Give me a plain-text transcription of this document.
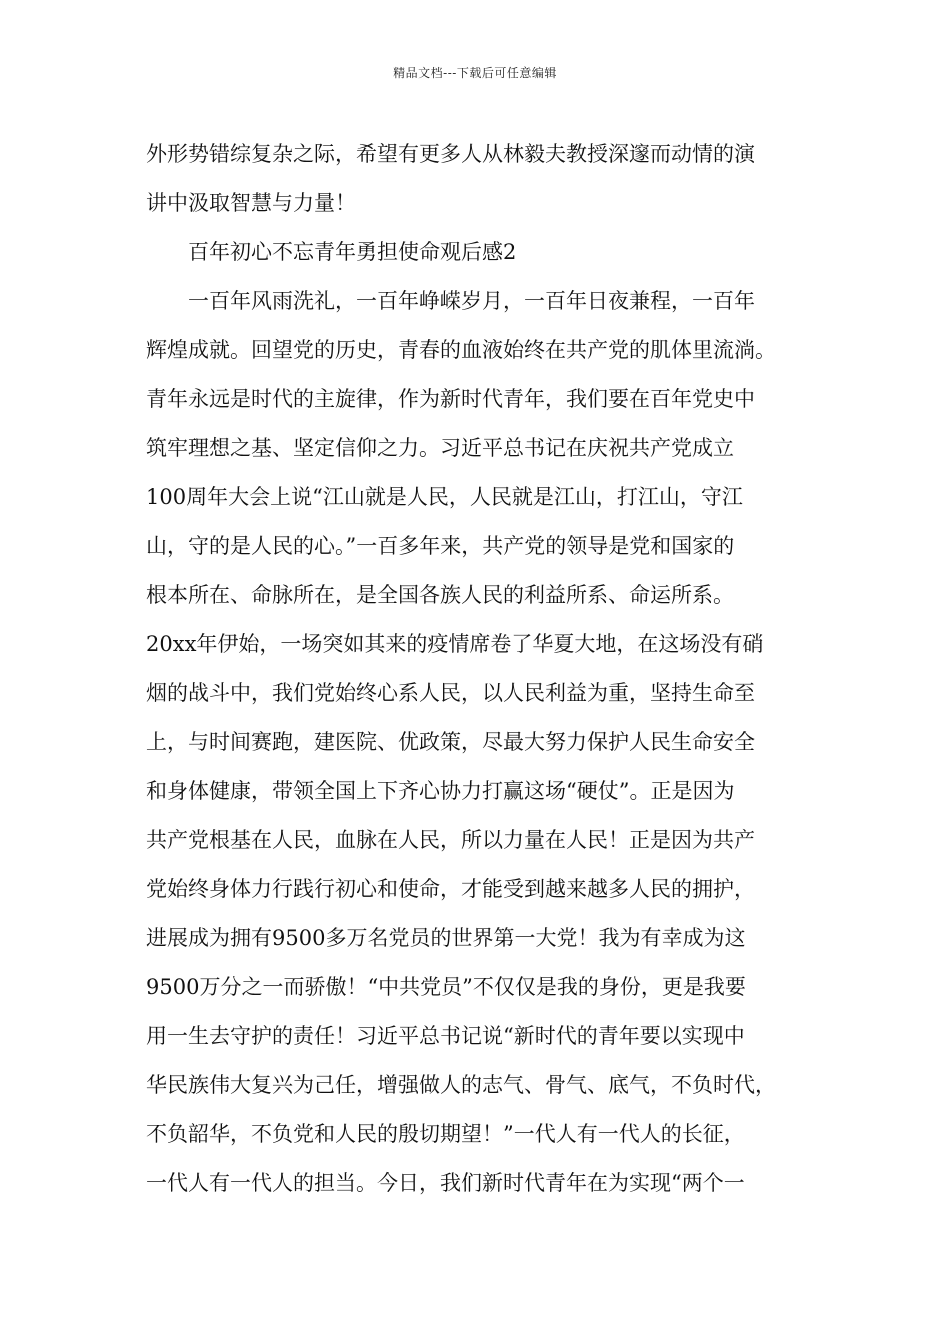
精品文档---下载后可任意编辑
外形势错综复杂之际，希望有更多人从林毅夫教授深邃而动情的演
讲中汲取智慧与力量！
百年初心不忘青年勇担使命观后感2
一百年风雨洗礼，一百年峥嵘岁月，一百年日夜兼程，一百年
辉煌成就。回望党的历史，青春的血液始终在共产党的肌体里流淌。
青年永远是时代的主旋律，作为新时代青年，我们要在百年党史中
筑牢理想之基、坚定信仰之力。习近平总书记在庆祝共产党成立
100周年大会上说“江山就是人民，人民就是江山，打江山，守江
山，守的是人民的心。”一百多年来，共产党的领导是党和国家的
根本所在、命脉所在，是全国各族人民的利益所系、命运所系。
20xx年伊始，一场突如其来的疫情席卷了华夏大地，在这场没有硝
烟的战斗中，我们党始终心系人民，以人民利益为重，坚持生命至
上，与时间赛跑，建医院、优政策，尽最大努力保护人民生命安全
和身体健康，带领全国上下齐心协力打赢这场“硬仗”。正是因为
共产党根基在人民，血脉在人民，所以力量在人民！正是因为共产
党始终身体力行践行初心和使命，才能受到越来越多人民的拥护，
进展成为拥有9500多万名党员的世界第一大党！我为有幸成为这
9500万分之一而骄傲！“中共党员”不仅仅是我的身份，更是我要
用一生去守护的责任！习近平总书记说“新时代的青年要以实现中
华民族伟大复兴为己任，增强做人的志气、骨气、底气，不负时代，
不负韶华，不负党和人民的殷切期望！”一代人有一代人的长征，
一代人有一代人的担当。今日，我们新时代青年在为实现“两个一
